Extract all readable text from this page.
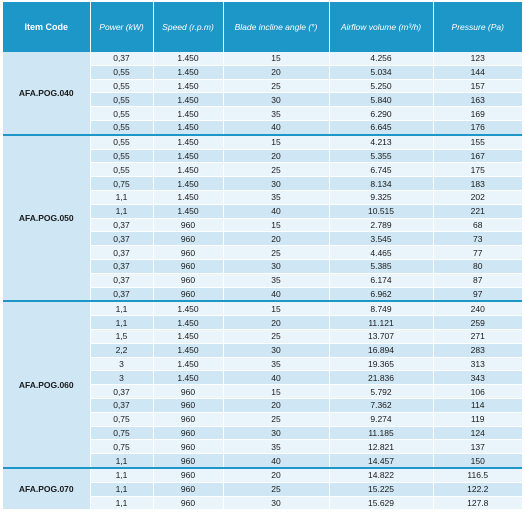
Item Code	Power (kW)	Speed (r.p.m)	Blade incline angle (°)	Airflow volume (m³/h)	Pressure (Pa)
AFA.POG.040	0,37	1.450	15	4.256	123
	0,55	1.450	20	5.034	144
	0,55	1.450	25	5.250	157
	0,55	1.450	30	5.840	163
	0,55	1.450	35	6.290	169
	0,55	1.450	40	6.645	176
AFA.POG.050	0,55	1.450	15	4.213	155
	0,55	1.450	20	5.355	167
	0,55	1.450	25	6.745	175
	0,75	1.450	30	8.134	183
	1,1	1.450	35	9.325	202
	1,1	1.450	40	10.515	221
	0,37	960	15	2.789	68
	0,37	960	20	3.545	73
	0,37	960	25	4.465	77
	0,37	960	30	5.385	80
	0,37	960	35	6.174	87
	0,37	960	40	6.962	97
AFA.POG.060	1,1	1.450	15	8.749	240
	1,1	1.450	20	11.121	259
	1,5	1.450	25	13.707	271
	2,2	1.450	30	16.894	283
	3	1.450	35	19.365	313
	3	1.450	40	21.836	343
	0,37	960	15	5.792	106
	0,37	960	20	7.362	114
	0,75	960	25	9.274	119
	0,75	960	30	11.185	124
	0,75	960	35	12.821	137
	1,1	960	40	14.457	150
AFA.POG.070	1,1	960	20	14.822	116.5
	1,1	960	25	15.225	122.2
	1,1	960	30	15.629	127.8
